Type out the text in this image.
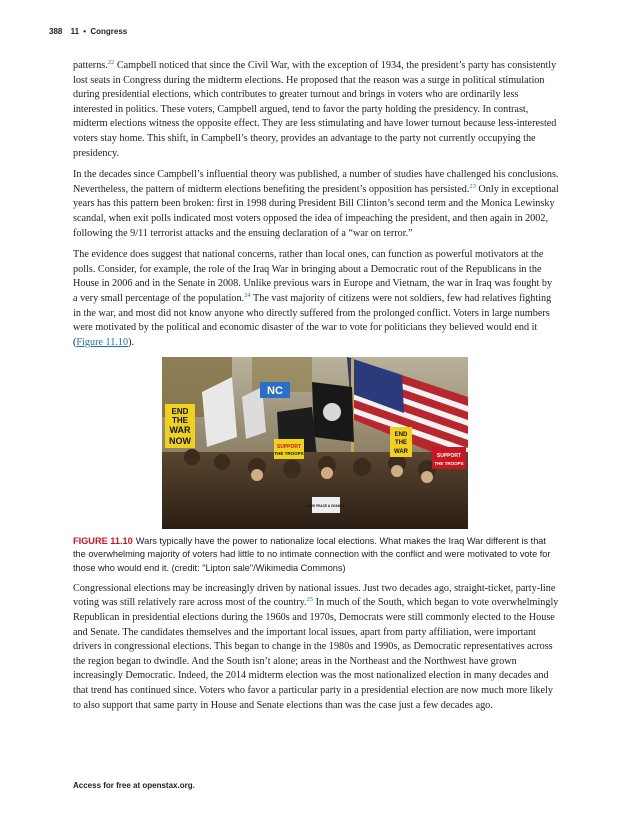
388 11 • Congress

patterns.$^{22}$ Campbell noticed that since the Civil War, with the exception of 1934, the president’s party has consistently lost seats in Congress during the midterm elections. He proposed that the reason was a surge in political stimulation during presidential elections, which contributes to greater turnout and brings in voters who are ordinarily less interested in politics. These voters, Campbell argued, tend to favor the party holding the presidency. In contrast, midterm elections witness the opposite effect. They are less stimulating and have lower turnout because less-interested voters stay home. This shift, in Campbell’s theory, provides an advantage to the party not currently occupying the presidency.

In the decades since Campbell’s influential theory was published, a number of studies have challenged his conclusions. Nevertheless, the pattern of midterm elections benefiting the president’s opposition has persisted.$^{23}$ Only in exceptional years has this pattern been broken: first in 1998 during President Bill Clinton’s second term and the Monica Lewinsky scandal, when exit polls indicated most voters opposed the idea of impeaching the president, and then again in 2002, following the 9/11 terrorist attacks and the ensuing declaration of a “war on terror.”

The evidence does suggest that national concerns, rather than local ones, can function as powerful motivators at the polls. Consider, for example, the role of the Iraq War in bringing about a Democratic rout of the Republicans in the House in 2006 and in the Senate in 2008. Unlike previous wars in Europe and Vietnam, the war in Iraq was fought by a very small percentage of the population.$^{24}$ The vast majority of citizens were not soldiers, few had relatives fighting in the war, and most did not know anyone who directly suffered from the prolonged conflict. Voters in large numbers were motivated by the political and economic disaster of the war to vote for politicians they believed would end it (Figure 11.10).

END
THE
WAR
NOW
NC
SUPPORT
THE TROOPS
END
THE
WAR
SUPPORT
THE TROOPS
GIVE PEACE A CHANCE

FIGURE 11.10 Wars typically have the power to nationalize local elections. What makes the Iraq War different is that the overwhelming majority of voters had little to no intimate connection with the conflict and were motivated to vote for those who would end it. (credit: "Lipton sale"/Wikimedia Commons)

Congressional elections may be increasingly driven by national issues. Just two decades ago, straight-ticket, party-line voting was still relatively rare across most of the country.$^{25}$ In much of the South, which began to vote overwhelmingly Republican in presidential elections during the 1960s and 1970s, Democrats were still commonly elected to the House and Senate. The candidates themselves and the important local issues, apart from party affiliation, were important drivers in congressional elections. This began to change in the 1980s and 1990s, as Democratic representatives across the region began to dwindle. And the South isn’t alone; areas in the Northeast and the Northwest have grown increasingly Democratic. Indeed, the 2014 midterm election was the most nationalized election in many decades and that trend has continued since. Voters who favor a particular party in a presidential election are now much more likely to also support that same party in House and Senate elections than was the case just a few decades ago.

Access for free at openstax.org.
